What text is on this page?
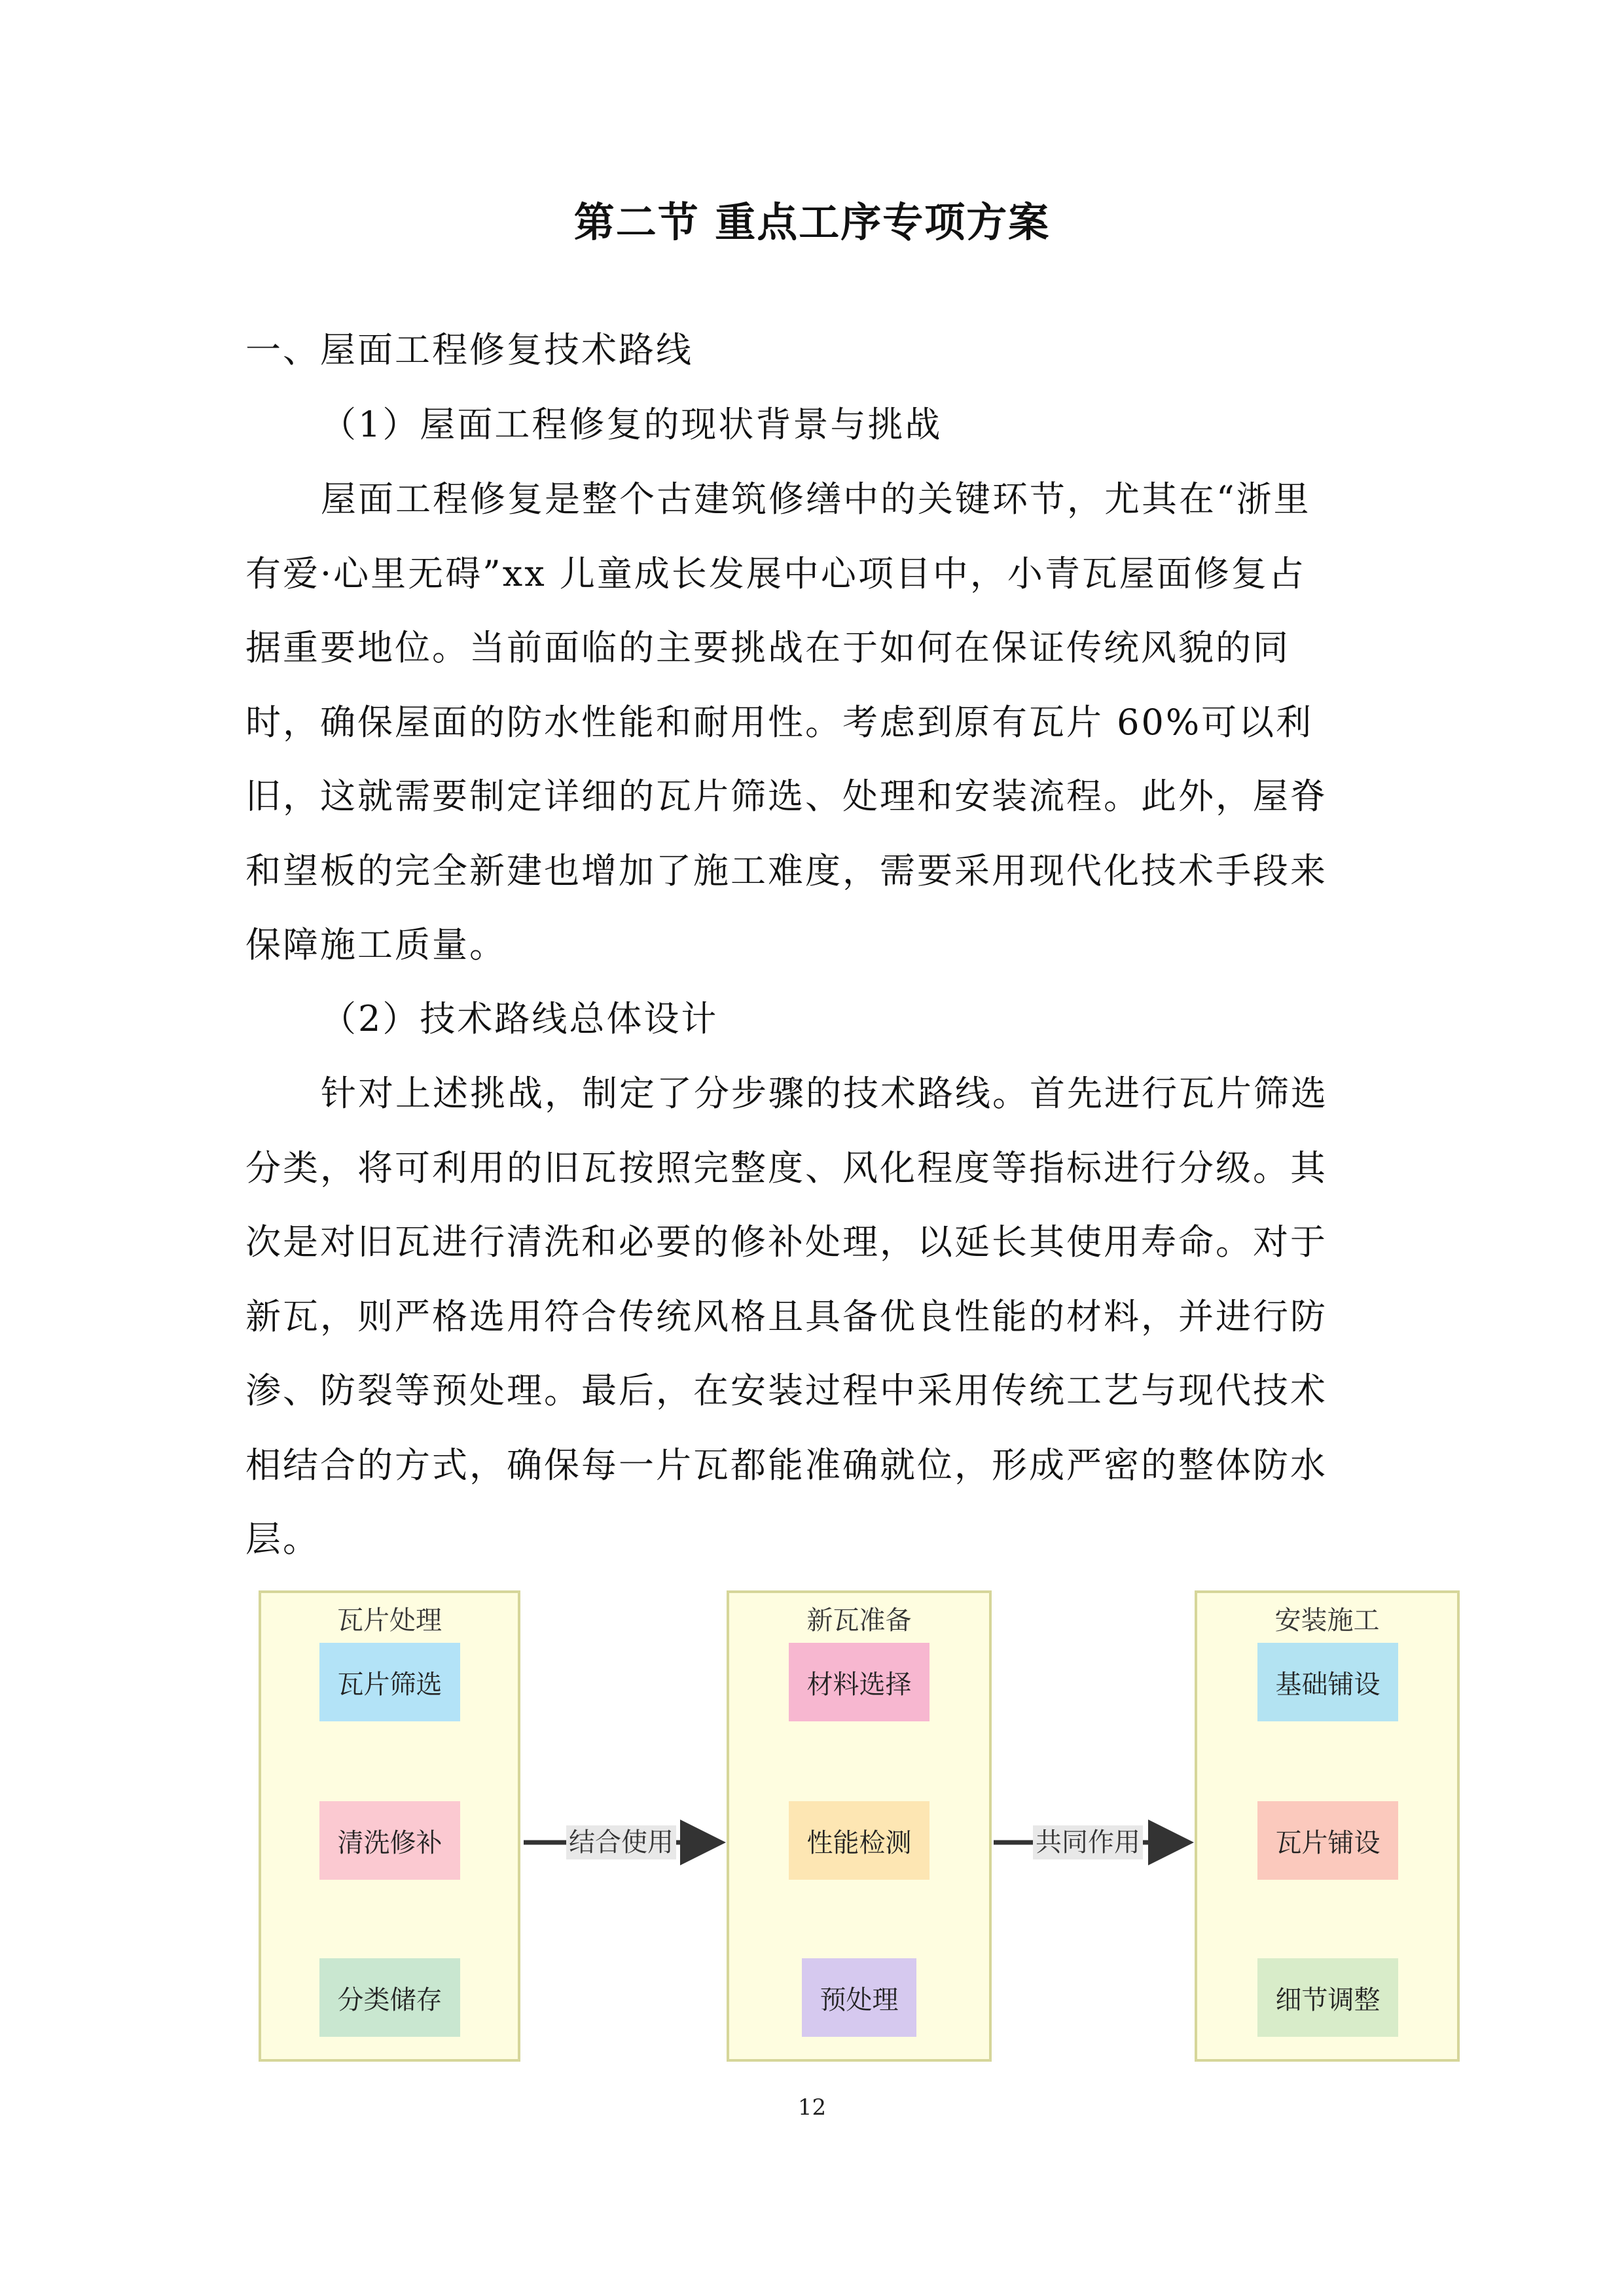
第二节 重点工序专项方案
一、屋面工程修复技术路线
（1）屋面工程修复的现状背景与挑战
屋面工程修复是整个古建筑修缮中的关键环节，尤其在“浙里
有爱·心里无碍”xx 儿童成长发展中心项目中，小青瓦屋面修复占
据重要地位。当前面临的主要挑战在于如何在保证传统风貌的同
时，确保屋面的防水性能和耐用性。考虑到原有瓦片 60%可以利
旧，这就需要制定详细的瓦片筛选、处理和安装流程。此外，屋脊
和望板的完全新建也增加了施工难度，需要采用现代化技术手段来
保障施工质量。
（2）技术路线总体设计
针对上述挑战，制定了分步骤的技术路线。首先进行瓦片筛选
分类，将可利用的旧瓦按照完整度、风化程度等指标进行分级。其
次是对旧瓦进行清洗和必要的修补处理，以延长其使用寿命。对于
新瓦，则严格选用符合传统风格且具备优良性能的材料，并进行防
渗、防裂等预处理。最后，在安装过程中采用传统工艺与现代技术
相结合的方式，确保每一片瓦都能准确就位，形成严密的整体防水
层。
瓦片处理
瓦片筛选
清洗修补
分类储存
新瓦准备
材料选择
性能检测
预处理
安装施工
基础铺设
瓦片铺设
细节调整
结合使用	共同作用
12
